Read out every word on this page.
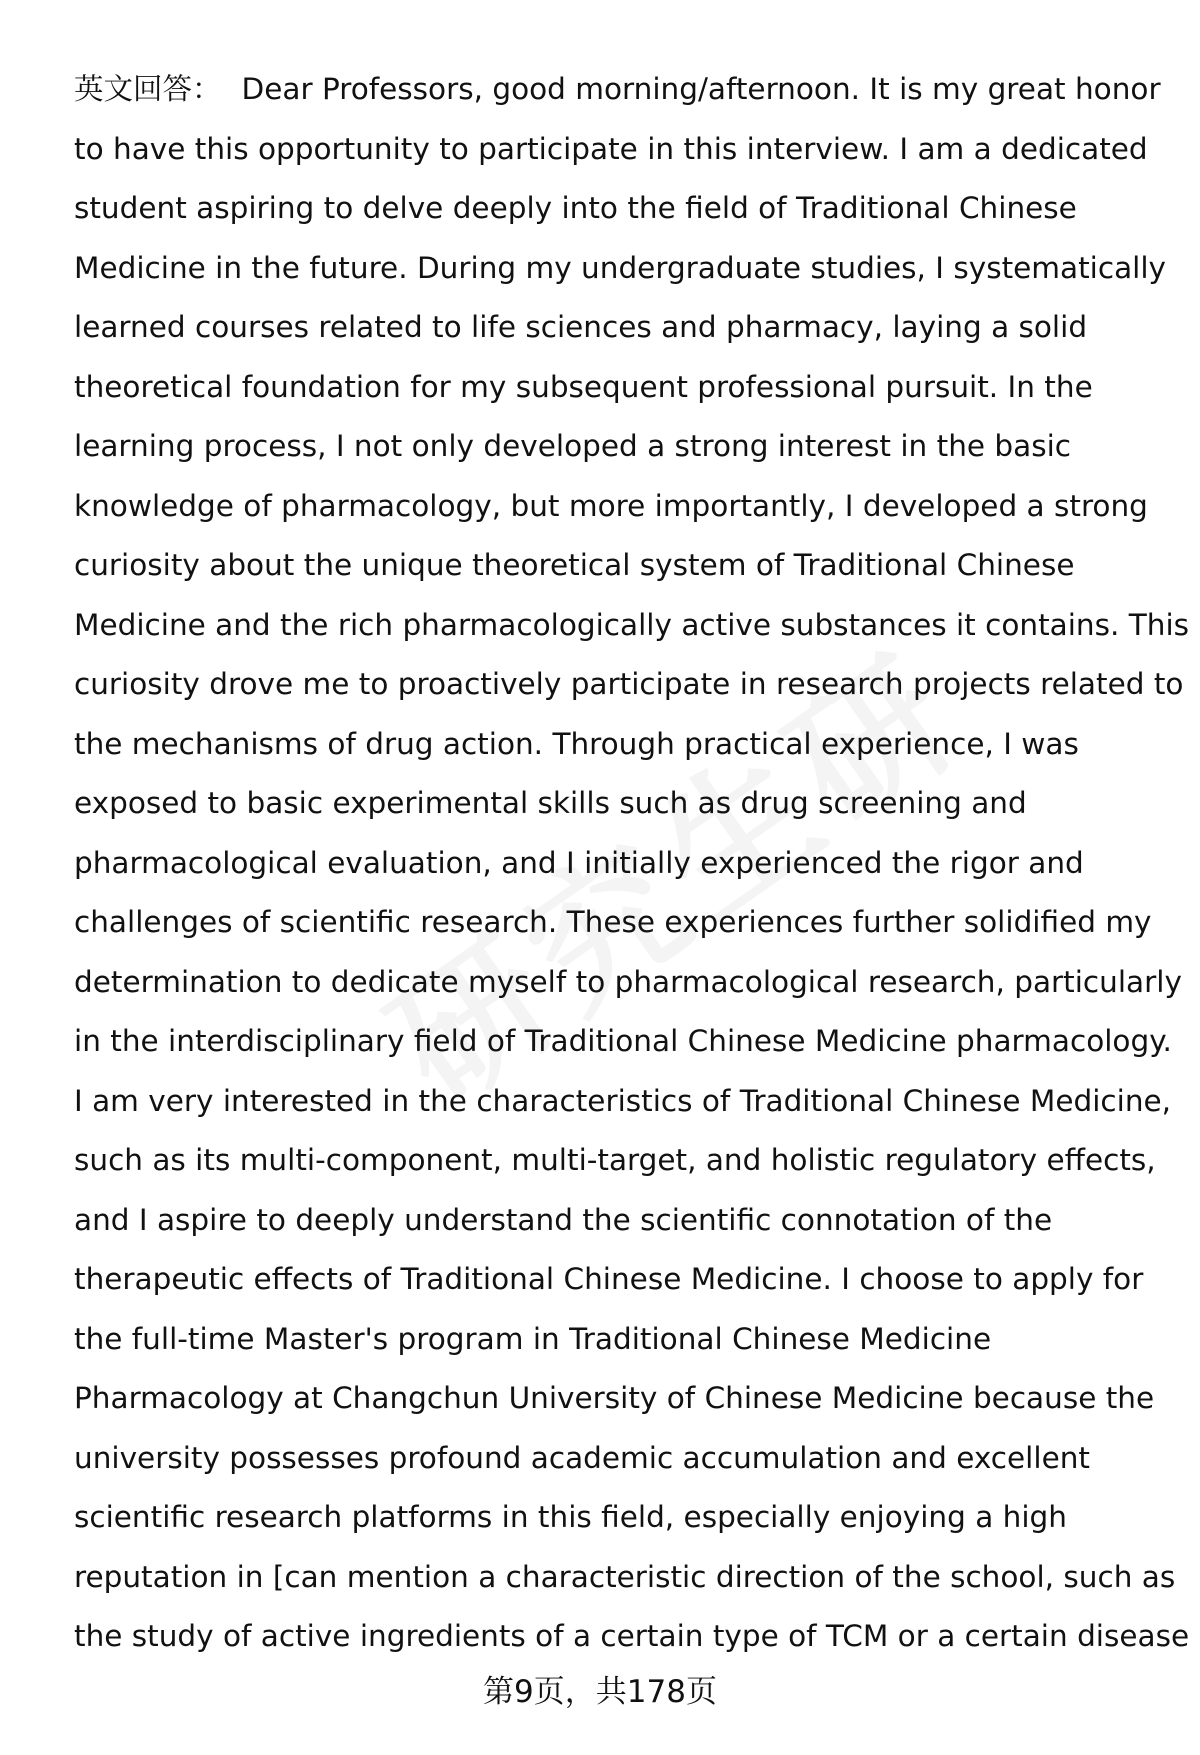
英文回答： Dear Professors, good morning/afternoon. It is my great honor
to have this opportunity to participate in this interview. I am a dedicated
student aspiring to delve deeply into the field of Traditional Chinese
Medicine in the future. During my undergraduate studies, I systematically
learned courses related to life sciences and pharmacy, laying a solid
theoretical foundation for my subsequent professional pursuit. In the
learning process, I not only developed a strong interest in the basic
knowledge of pharmacology, but more importantly, I developed a strong
curiosity about the unique theoretical system of Traditional Chinese
Medicine and the rich pharmacologically active substances it contains. This
curiosity drove me to proactively participate in research projects related to
the mechanisms of drug action. Through practical experience, I was
exposed to basic experimental skills such as drug screening and
pharmacological evaluation, and I initially experienced the rigor and
challenges of scientific research. These experiences further solidified my
determination to dedicate myself to pharmacological research, particularly
in the interdisciplinary field of Traditional Chinese Medicine pharmacology.
I am very interested in the characteristics of Traditional Chinese Medicine,
such as its multi-component, multi-target, and holistic regulatory effects,
and I aspire to deeply understand the scientific connotation of the
therapeutic effects of Traditional Chinese Medicine. I choose to apply for
the full-time Master's program in Traditional Chinese Medicine
Pharmacology at Changchun University of Chinese Medicine because the
university possesses profound academic accumulation and excellent
scientific research platforms in this field, especially enjoying a high
reputation in [can mention a characteristic direction of the school, such as
the study of active ingredients of a certain type of TCM or a certain disease
第9页，共178页
